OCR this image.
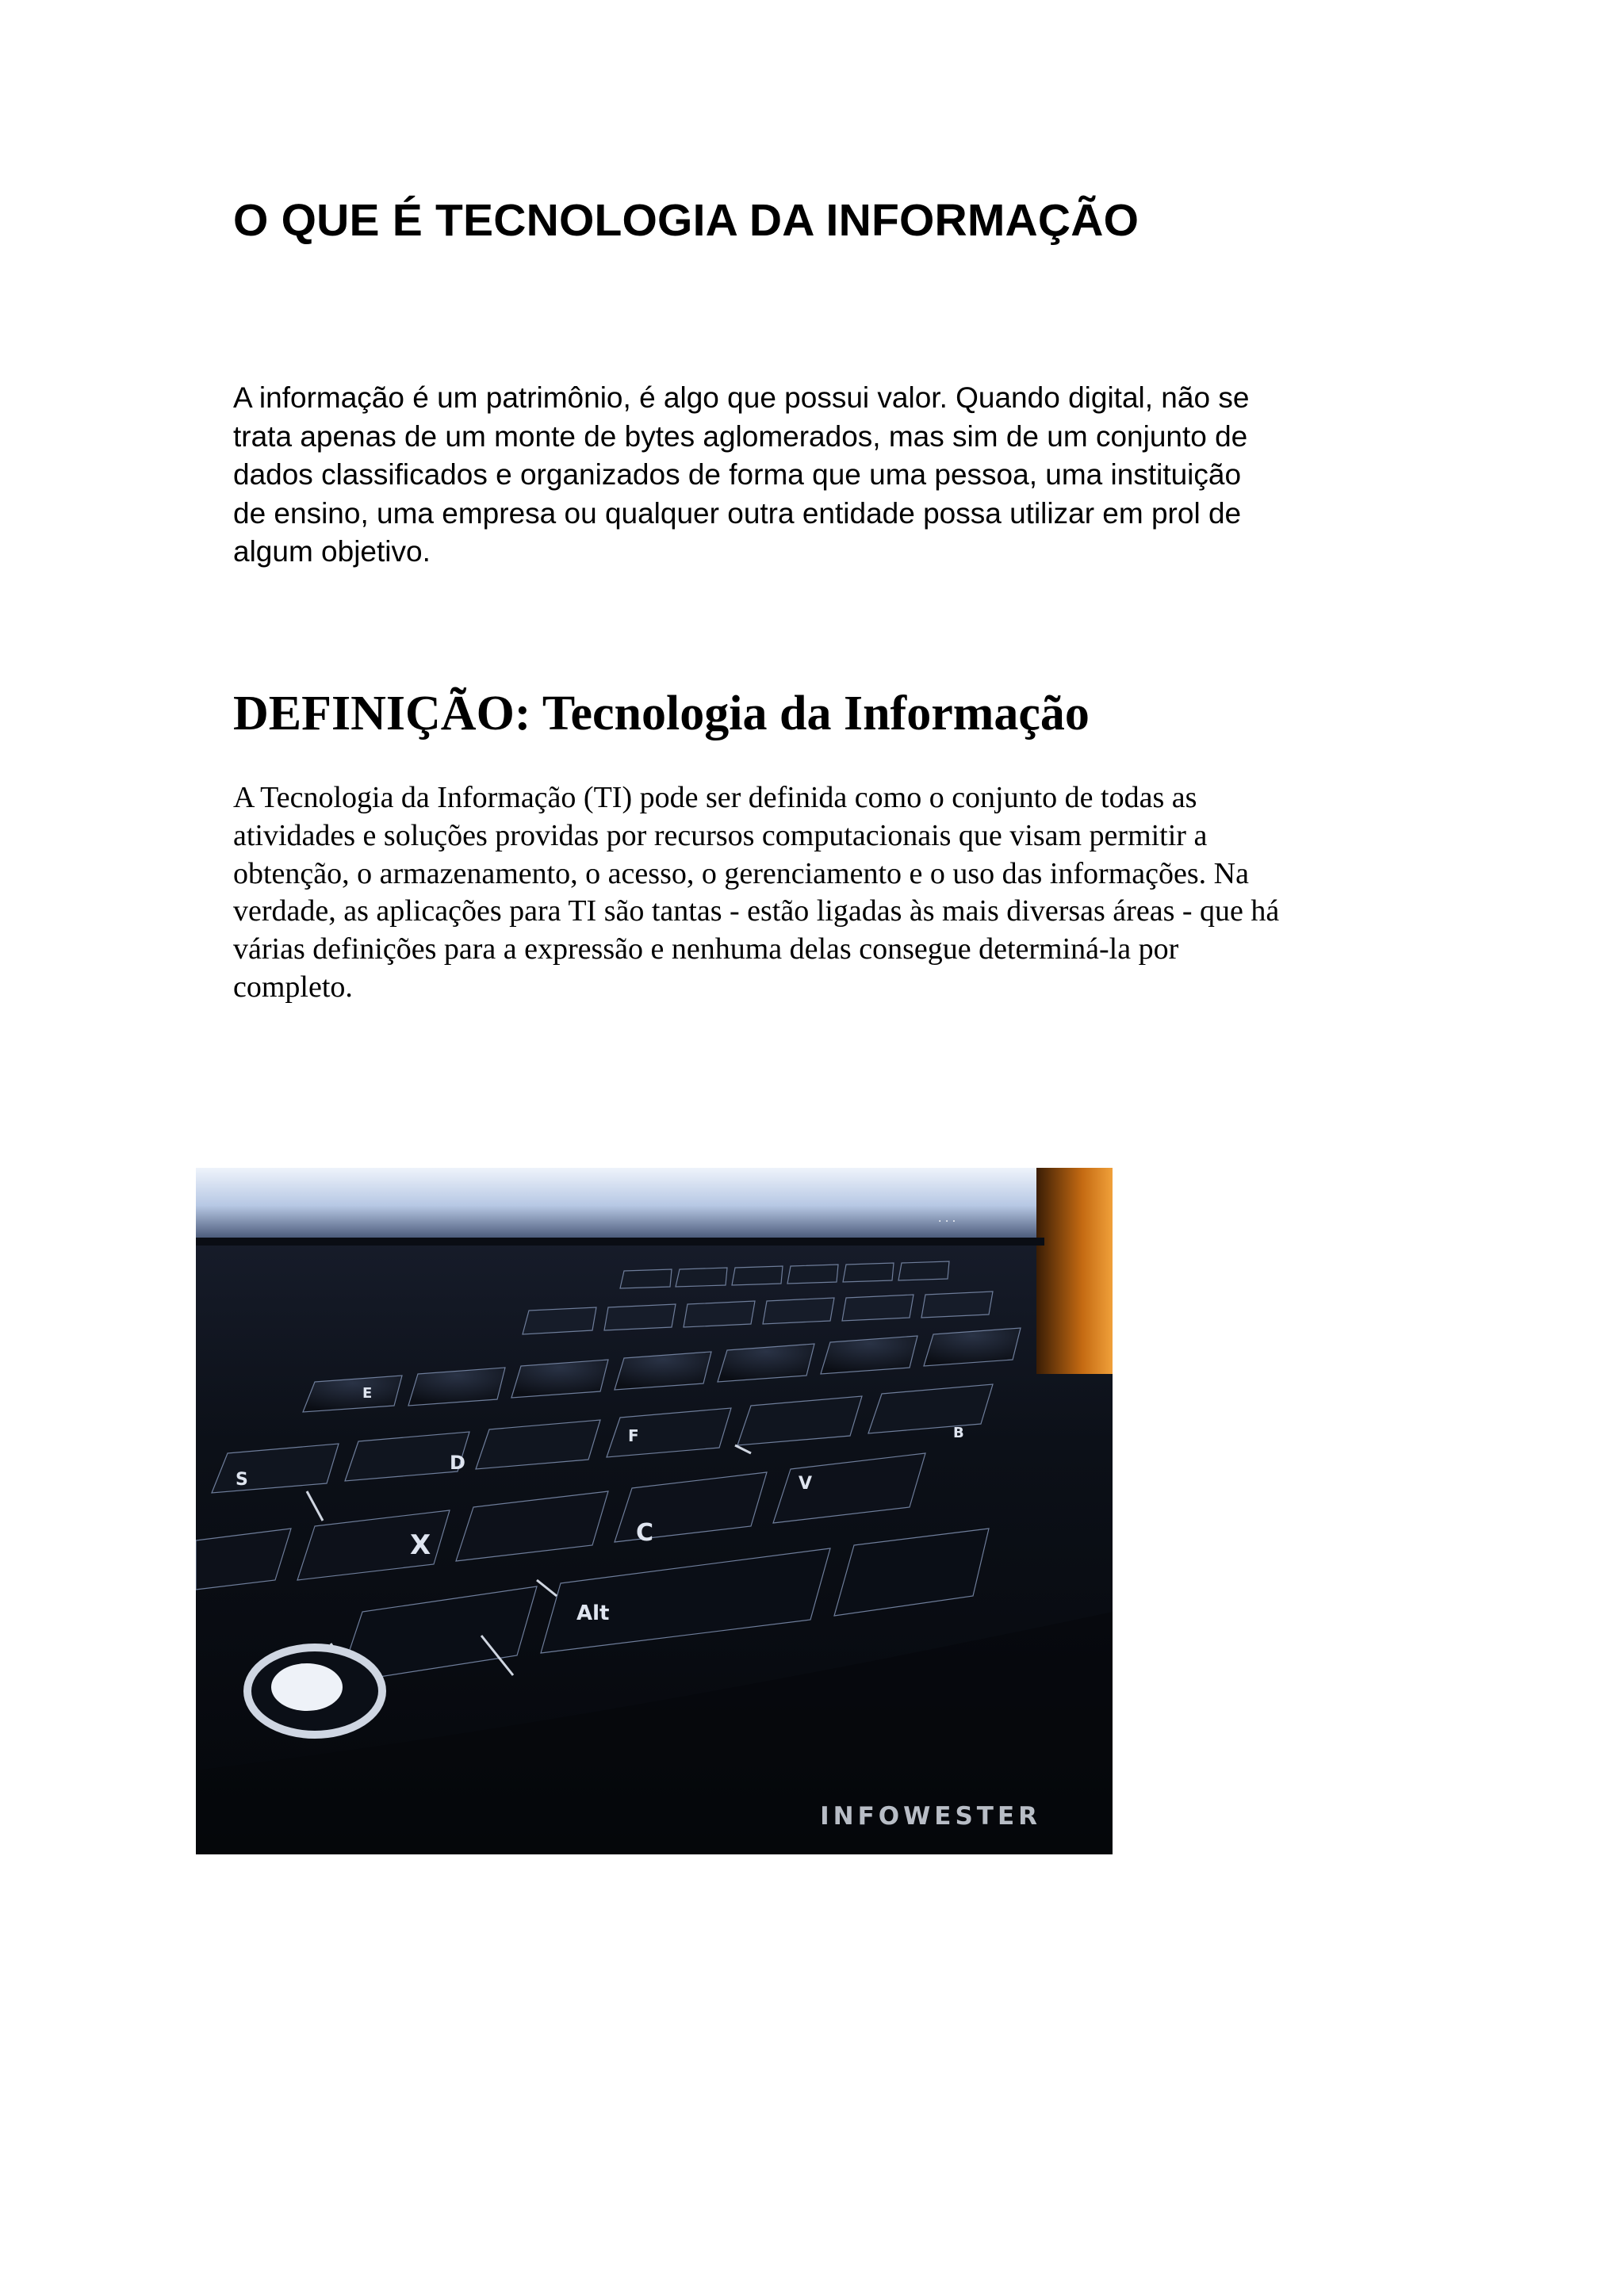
O QUE É TECNOLOGIA DA INFORMAÇÃO

A informação é um patrimônio, é algo que possui valor. Quando digital, não se
trata apenas de um monte de bytes aglomerados, mas sim de um conjunto de
dados classificados e organizados de forma que uma pessoa, uma instituição
de ensino, uma empresa ou qualquer outra entidade possa utilizar em prol de
algum objetivo.

DEFINIÇÃO: Tecnologia da Informação

A Tecnologia da Informação (TI) pode ser definida como o conjunto de todas as
atividades e soluções providas por recursos computacionais que visam permitir a
obtenção, o armazenamento, o acesso, o gerenciamento e o uso das informações. Na
verdade, as aplicações para TI são tantas - estão ligadas às mais diversas áreas - que há
várias definições para a expressão e nenhuma delas consegue determiná-la por
completo.

· · ·
S
X
D
E
C
F
V
B
Alt
INFOWESTER
